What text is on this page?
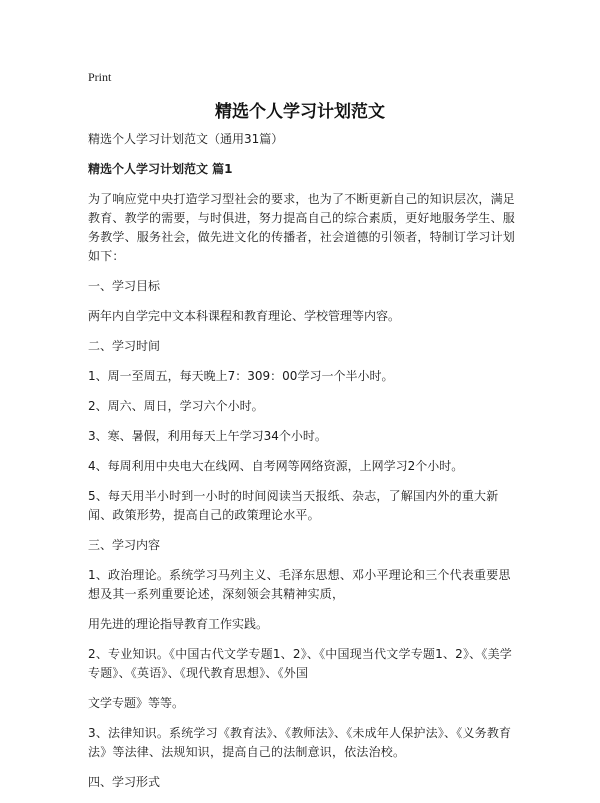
Print
精选个人学习计划范文

精选个人学习计划范文（通用31篇）

精选个人学习计划范文 篇1

为了响应党中央打造学习型社会的要求，也为了不断更新自己的知识层次，满足教育、教学的需要，与时俱进，努力提高自己的综合素质，更好地服务学生、服务教学、服务社会，做先进文化的传播者，社会道德的引领者，特制订学习计划如下：

一、学习目标

两年内自学完中文本科课程和教育理论、学校管理等内容。

二、学习时间

1、周一至周五，每天晚上7：309：00学习一个半小时。

2、周六、周日，学习六个小时。

3、寒、暑假，利用每天上午学习34个小时。

4、每周利用中央电大在线网、自考网等网络资源，上网学习2个小时。

5、每天用半小时到一小时的时间阅读当天报纸、杂志，了解国内外的重大新闻、政策形势，提高自己的政策理论水平。

三、学习内容

1、政治理论。系统学习马列主义、毛泽东思想、邓小平理论和三个代表重要思想及其一系列重要论述，深刻领会其精神实质，

用先进的理论指导教育工作实践。

2、专业知识。《中国古代文学专题1、2》、《中国现当代文学专题1、2》、《美学专题》、《英语》、《现代教育思想》、《外国

文学专题》等等。

3、法律知识。系统学习《教育法》、《教师法》、《未成年人保护法》、《义务教育法》等法律、法规知识，提高自己的法制意识，依法治校。

四、学习形式
